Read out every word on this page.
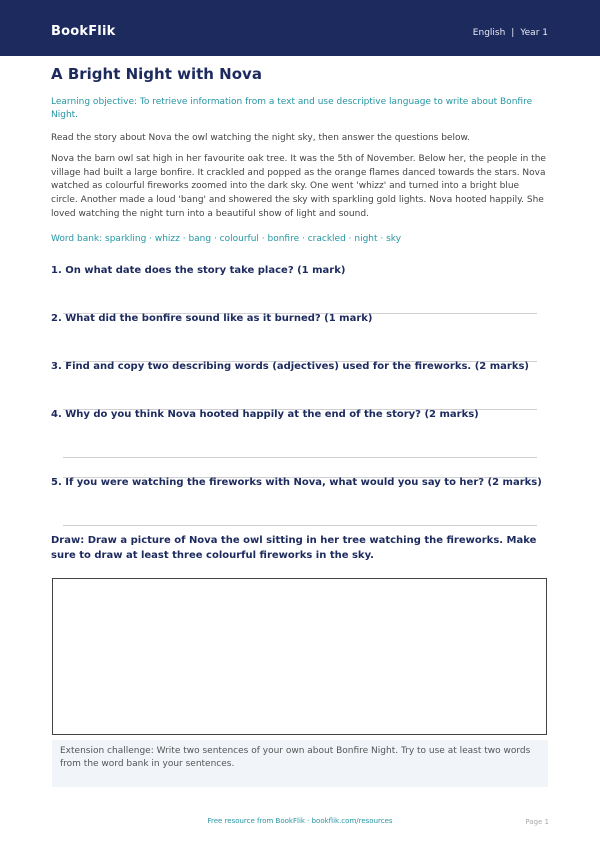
BookFlik	English | Year 1
A Bright Night with Nova

Learning objective: To retrieve information from a text and use descriptive language to write about Bonfire Night.

Read the story about Nova the owl watching the night sky, then answer the questions below.

Nova the barn owl sat high in her favourite oak tree. It was the 5th of November. Below her, the people in the village had built a large bonfire. It crackled and popped as the orange flames danced towards the stars. Nova watched as colourful fireworks zoomed into the dark sky. One went 'whizz' and turned into a bright blue circle. Another made a loud 'bang' and showered the sky with sparkling gold lights. Nova hooted happily. She loved watching the night turn into a beautiful show of light and sound.

Word bank: sparkling · whizz · bang · colourful · bonfire · crackled · night · sky

1. On what date does the story take place? (1 mark)

2. What did the bonfire sound like as it burned? (1 mark)

3. Find and copy two describing words (adjectives) used for the fireworks. (2 marks)

4. Why do you think Nova hooted happily at the end of the story? (2 marks)

5. If you were watching the fireworks with Nova, what would you say to her? (2 marks)

Draw: Draw a picture of Nova the owl sitting in her tree watching the fireworks. Make sure to draw at least three colourful fireworks in the sky.

Extension challenge: Write two sentences of your own about Bonfire Night. Try to use at least two words from the word bank in your sentences.
Free resource from BookFlik · bookflik.com/resources	Page 1
